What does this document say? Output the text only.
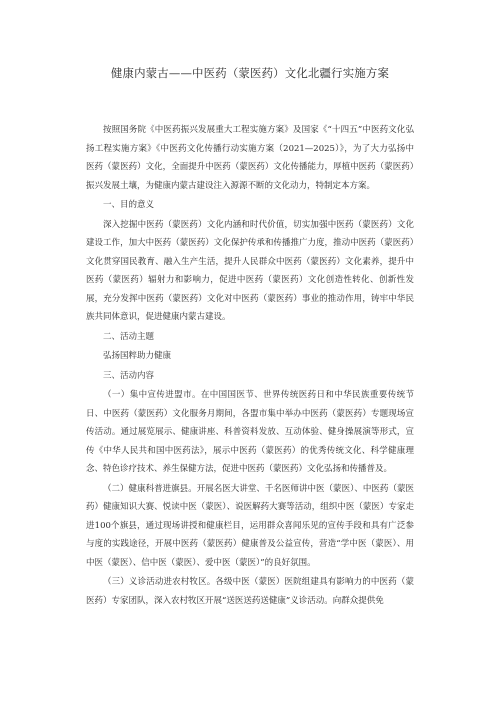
健康内蒙古——中医药（蒙医药）文化北疆行实施方案

按照国务院《中医药振兴发展重大工程实施方案》及国家《“十四五”中医药文化弘扬工程实施方案》《中医药文化传播行动实施方案（2021—2025）》，为了大力弘扬中医药（蒙医药）文化，全面提升中医药（蒙医药）文化传播能力，厚植中医药（蒙医药）振兴发展土壤，为健康内蒙古建设注入源源不断的文化动力，特制定本方案。

一、目的意义

深入挖掘中医药（蒙医药）文化内涵和时代价值，切实加强中医药（蒙医药）文化建设工作，加大中医药（蒙医药）文化保护传承和传播推广力度，推动中医药（蒙医药）文化贯穿国民教育、融入生产生活，提升人民群众中医药（蒙医药）文化素养，提升中医药（蒙医药）辐射力和影响力，促进中医药（蒙医药）文化创造性转化、创新性发展，充分发挥中医药（蒙医药）文化对中医药（蒙医药）事业的推动作用，铸牢中华民族共同体意识，促进健康内蒙古建设。

二、活动主题

弘扬国粹助力健康

三、活动内容

（一）集中宣传进盟市。在中国国医节、世界传统医药日和中华民族重要传统节日、中医药（蒙医药）文化服务月期间，各盟市集中举办中医药（蒙医药）专题现场宣传活动。通过展览展示、健康讲座、科普资料发放、互动体验、健身操展演等形式，宣传《中华人民共和国中医药法》，展示中医药（蒙医药）的优秀传统文化、科学健康理念、特色诊疗技术、养生保健方法，促进中医药（蒙医药）文化弘扬和传播普及。

（二）健康科普进旗县。开展名医大讲堂、千名医师讲中医（蒙医）、中医药（蒙医药）健康知识大赛、悦读中医（蒙医）、说医解药大赛等活动，组织中医（蒙医）专家走进100个旗县，通过现场讲授和健康栏目，运用群众喜闻乐见的宣传手段和具有广泛参与度的实践途径，开展中医药（蒙医药）健康普及公益宣传，营造“学中医（蒙医）、用中医（蒙医）、信中医（蒙医）、爱中医（蒙医）”的良好氛围。

（三）义诊活动进农村牧区。各级中医（蒙医）医院组建具有影响力的中医药（蒙医药）专家团队，深入农村牧区开展“送医送药送健康”义诊活动。向群众提供免
